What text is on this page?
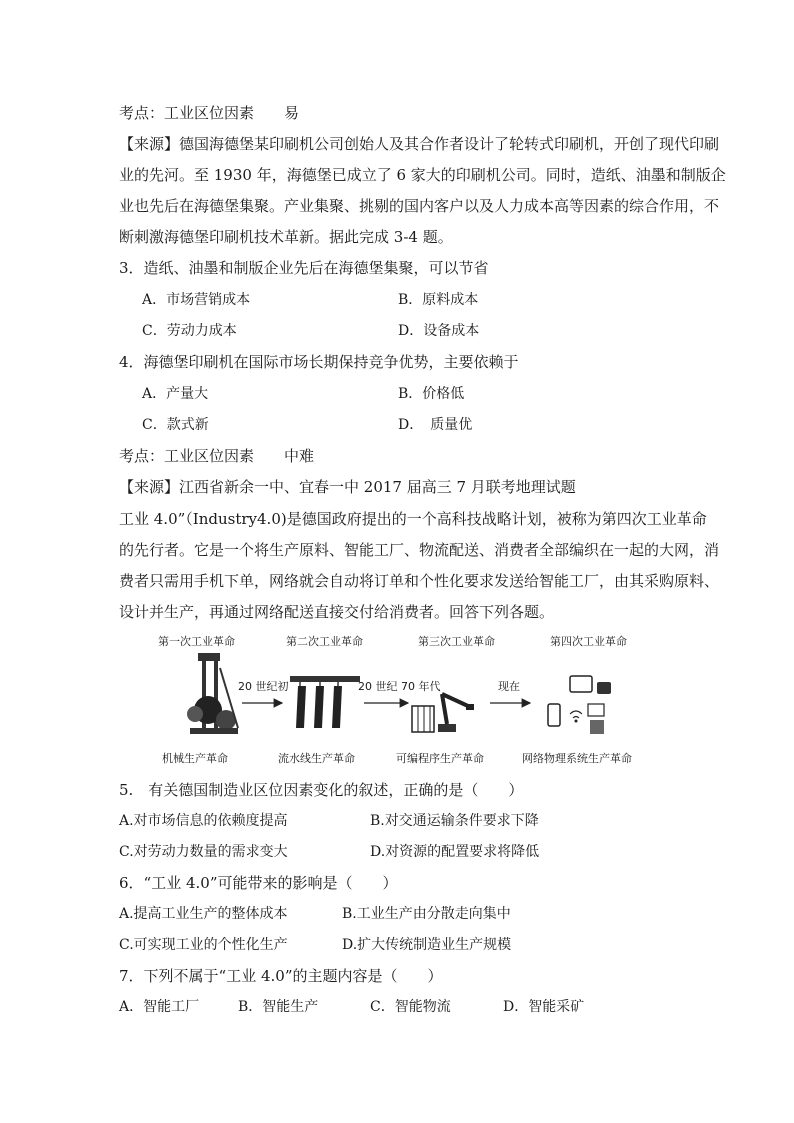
考点：工业区位因素　　易
【来源】德国海德堡某印刷机公司创始人及其合作者设计了轮转式印刷机，开创了现代印刷
业的先河。至 1930 年，海德堡已成立了 6 家大的印刷机公司。同时，造纸、油墨和制版企
业也先后在海德堡集聚。产业集聚、挑剔的国内客户以及人力成本高等因素的综合作用，不
断刺激海德堡印刷机技术革新。据此完成 3-4 题。
3．造纸、油墨和制版企业先后在海德堡集聚，可以节省
A．市场营销成本	B．原料成本
C．劳动力成本	D．设备成本
4．海德堡印刷机在国际市场长期保持竞争优势，主要依赖于
A．产量大	B．价格低
C．款式新	D．　质量优
考点：工业区位因素　　中难
【来源】江西省新余一中、宜春一中 2017 届高三 7 月联考地理试题
工业 4.0”（Industry4.0)是德国政府提出的一个高科技战略计划，被称为第四次工业革命
的先行者。它是一个将生产原料、智能工厂、物流配送、消费者全部编织在一起的大网，消
费者只需用手机下单，网络就会自动将订单和个性化要求发送给智能工厂，由其采购原料、
设计并生产，再通过网络配送直接交付给消费者。回答下列各题。
第一次工业革命	第二次工业革命	第三次工业革命	第四次工业革命
20 世纪初	20 世纪 70 年代	现在
机械生产革命	流水线生产革命	可编程序生产革命	网络物理系统生产革命
5.　有关德国制造业区位因素变化的叙述，正确的是（　　）
A.对市场信息的依赖度提高	B.对交通运输条件要求下降
C.对劳动力数量的需求变大	D.对资源的配置要求将降低
6．“工业 4.0”可能带来的影响是（　　）
A.提高工业生产的整体成本	B.工业生产由分散走向集中
C.可实现工业的个性化生产	D.扩大传统制造业生产规模
7．下列不属于“工业 4.0”的主题内容是（　　）
A．智能工厂	B．智能生产	C．智能物流	D．智能采矿
